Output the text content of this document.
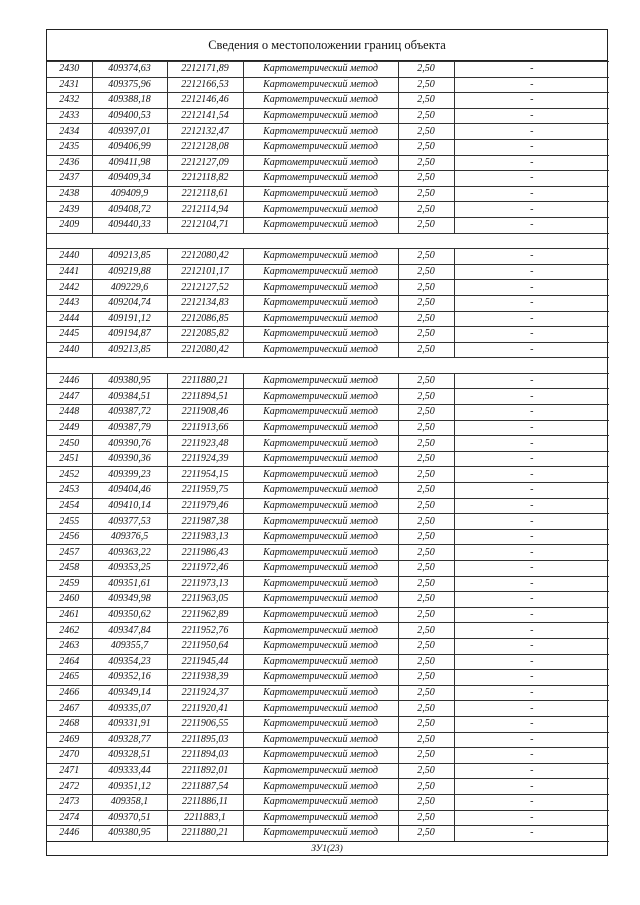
Сведения о местоположении границ объекта
2430	409374,63	2212171,89	Картометрический метод	2,50	-
2431	409375,96	2212166,53	Картометрический метод	2,50	-
2432	409388,18	2212146,46	Картометрический метод	2,50	-
2433	409400,53	2212141,54	Картометрический метод	2,50	-
2434	409397,01	2212132,47	Картометрический метод	2,50	-
2435	409406,99	2212128,08	Картометрический метод	2,50	-
2436	409411,98	2212127,09	Картометрический метод	2,50	-
2437	409409,34	2212118,82	Картометрический метод	2,50	-
2438	409409,9	2212118,61	Картометрический метод	2,50	-
2439	409408,72	2212114,94	Картометрический метод	2,50	-
2409	409440,33	2212104,71	Картометрический метод	2,50	-

2440	409213,85	2212080,42	Картометрический метод	2,50	-
2441	409219,88	2212101,17	Картометрический метод	2,50	-
2442	409229,6	2212127,52	Картометрический метод	2,50	-
2443	409204,74	2212134,83	Картометрический метод	2,50	-
2444	409191,12	2212086,85	Картометрический метод	2,50	-
2445	409194,87	2212085,82	Картометрический метод	2,50	-
2440	409213,85	2212080,42	Картометрический метод	2,50	-

2446	409380,95	2211880,21	Картометрический метод	2,50	-
2447	409384,51	2211894,51	Картометрический метод	2,50	-
2448	409387,72	2211908,46	Картометрический метод	2,50	-
2449	409387,79	2211913,66	Картометрический метод	2,50	-
2450	409390,76	2211923,48	Картометрический метод	2,50	-
2451	409390,36	2211924,39	Картометрический метод	2,50	-
2452	409399,23	2211954,15	Картометрический метод	2,50	-
2453	409404,46	2211959,75	Картометрический метод	2,50	-
2454	409410,14	2211979,46	Картометрический метод	2,50	-
2455	409377,53	2211987,38	Картометрический метод	2,50	-
2456	409376,5	2211983,13	Картометрический метод	2,50	-
2457	409363,22	2211986,43	Картометрический метод	2,50	-
2458	409353,25	2211972,46	Картометрический метод	2,50	-
2459	409351,61	2211973,13	Картометрический метод	2,50	-
2460	409349,98	2211963,05	Картометрический метод	2,50	-
2461	409350,62	2211962,89	Картометрический метод	2,50	-
2462	409347,84	2211952,76	Картометрический метод	2,50	-
2463	409355,7	2211950,64	Картометрический метод	2,50	-
2464	409354,23	2211945,44	Картометрический метод	2,50	-
2465	409352,16	2211938,39	Картометрический метод	2,50	-
2466	409349,14	2211924,37	Картометрический метод	2,50	-
2467	409335,07	2211920,41	Картометрический метод	2,50	-
2468	409331,91	2211906,55	Картометрический метод	2,50	-
2469	409328,77	2211895,03	Картометрический метод	2,50	-
2470	409328,51	2211894,03	Картометрический метод	2,50	-
2471	409333,44	2211892,01	Картометрический метод	2,50	-
2472	409351,12	2211887,54	Картометрический метод	2,50	-
2473	409358,1	2211886,11	Картометрический метод	2,50	-
2474	409370,51	2211883,1	Картометрический метод	2,50	-
2446	409380,95	2211880,21	Картометрический метод	2,50	-
ЗУ1(23)
